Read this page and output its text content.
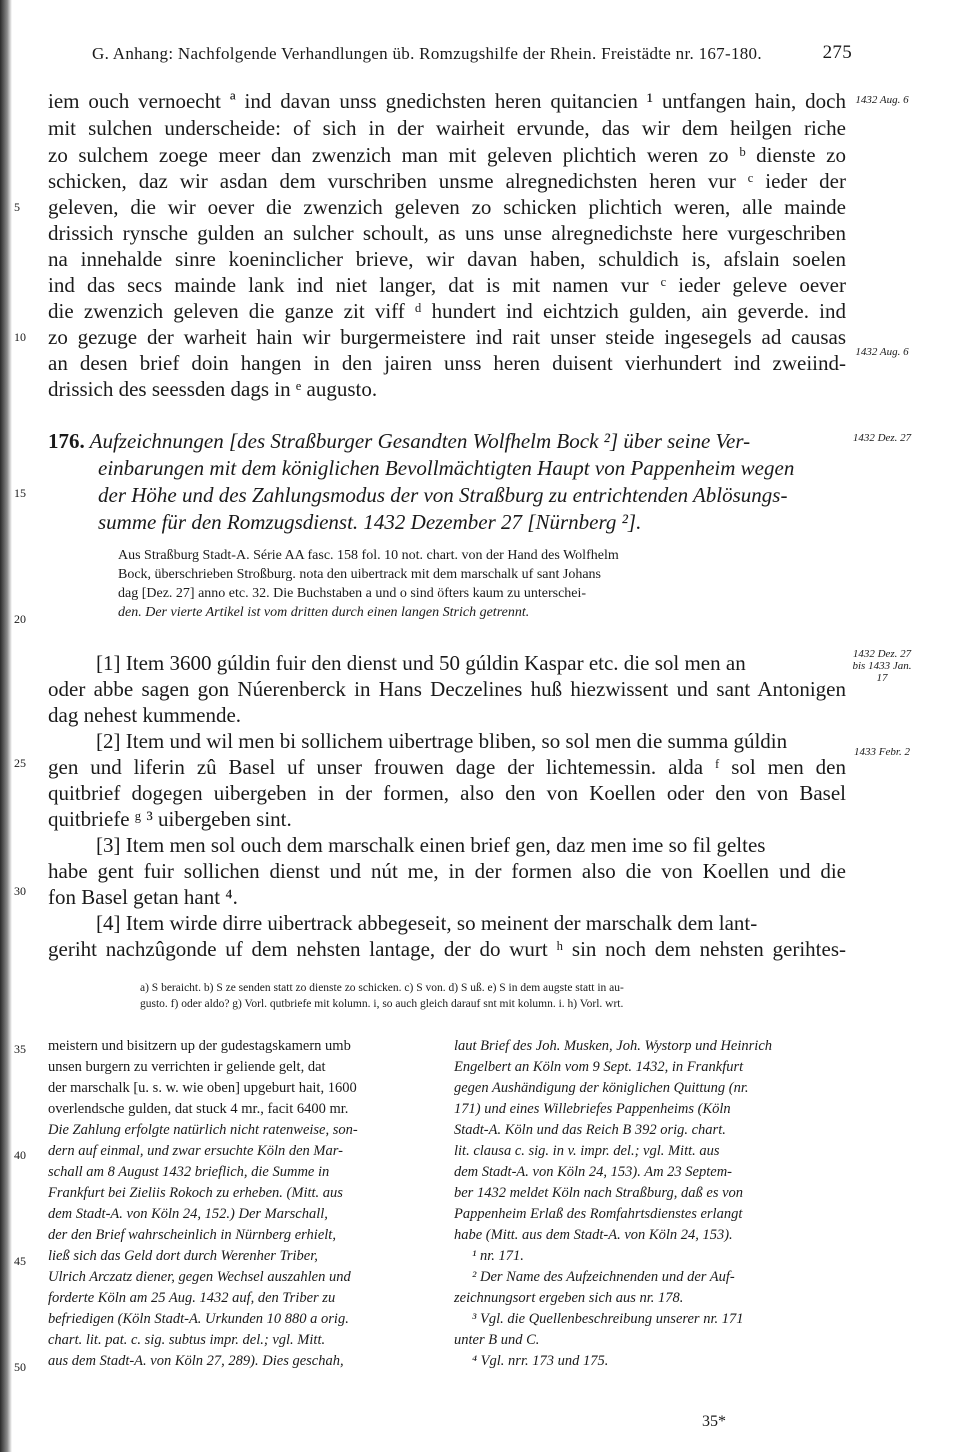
G. Anhang: Nachfolgende Verhandlungen üb. Romzugshilfe der Rhein. Freistädte nr. 167-180.	275
iem ouch vernoecht ª ind davan unss gnedichsten heren quitancien ¹ untfangen hain, doch
mit sulchen underscheide: of sich in der wairheit ervunde, das wir dem heilgen riche
zo sulchem zoege meer dan zwenzich man mit geleven plichtich weren zo ᵇ dienste zo
schicken, daz wir asdan dem vurschriben unsme alregnedichsten heren vur ᶜ ieder der
geleven, die wir oever die zwenzich geleven zo schicken plichtich weren, alle mainde
drissich rynsche gulden an sulcher schoult, as uns unse alregnedichste here vurgeschriben
na innehalde sinre koeninclicher brieve, wir davan haben, schuldich is, afslain soelen
ind das secs mainde lank ind niet langer, dat is mit namen vur ᶜ ieder geleve oever
die zwenzich geleven die ganze zit viff ᵈ hundert ind eichtzich gulden, ain geverde. ind
zo gezuge der warheit hain wir burgermeistere ind rait unser steide ingesegels ad causas
an desen brief doin hangen in den jairen unss heren duisent vierhundert ind zweiind-
drissich des seessden dags in ᵉ augusto.
5
10
15
20
25
30
35
40
45
50
1432 Aug. 6
1432 Aug. 6
1432 Dez. 27
1432 Dez. 27 bis 1433 Jan. 17
1433 Febr. 2
176. Aufzeichnungen [des Straßburger Gesandten Wolfhelm Bock ²] über seine Ver-
einbarungen mit dem königlichen Bevollmächtigten Haupt von Pappenheim wegen
der Höhe und des Zahlungsmodus der von Straßburg zu entrichtenden Ablösungs-
summe für den Romzugsdienst. 1432 Dezember 27 [Nürnberg ²].
Aus Straßburg Stadt-A. Série AA fasc. 158 fol. 10 not. chart. von der Hand des Wolfhelm
Bock, überschrieben Stroßburg. nota den uibertrack mit dem marschalk uf sant Johans
dag [Dez. 27] anno etc. 32. Die Buchstaben a und o sind öfters kaum zu unterschei-
den. Der vierte Artikel ist vom dritten durch einen langen Strich getrennt.
[1] Item 3600 gúldin fuir den dienst und 50 gúldin Kaspar etc. die sol men an
oder abbe sagen gon Núerenberck in Hans Deczelines huß hiezwissent und sant Antonigen
dag nehest kummende.
[2] Item und wil men bi sollichem uibertrage bliben, so sol men die summa gúldin
gen und liferin zû Basel uf unser frouwen dage der lichtemessin. alda ᶠ sol men den
quitbrief dogegen uibergeben in der formen, also den von Koellen oder den von Basel
quitbriefe ᵍ ³ uibergeben sint.
[3] Item men sol ouch dem marschalk einen brief gen, daz men ime so fil geltes
habe gent fuir sollichen dienst und nút me, in der formen also die von Koellen und die
fon Basel getan hant ⁴.
[4] Item wirde dirre uibertrack abbegeseit, so meinent der marschalk dem lant-
geriht nachzûgonde uf dem nehsten lantage, der do wurt ʰ sin noch dem nehsten gerihtes-
a) S beraicht. b) S ze senden statt zo dienste zo schicken. c) S von. d) S uß. e) S in dem augste statt in au-
gusto. f) oder aldo? g) Vorl. qutbriefe mit kolumn. i, so auch gleich darauf snt mit kolumn. i. h) Vorl. wrt.
meistern und bisitzern up der gudestagskamern umb
unsen burgern zu verrichten ir geliende gelt, dat
der marschalk [u. s. w. wie oben] upgeburt hait, 1600
overlendsche gulden, dat stuck 4 mr., facit 6400 mr.
Die Zahlung erfolgte natürlich nicht ratenweise, son-
dern auf einmal, und zwar ersuchte Köln den Mar-
schall am 8 August 1432 brieflich, die Summe in
Frankfurt bei Zieliis Rokoch zu erheben. (Mitt. aus
dem Stadt-A. von Köln 24, 152.) Der Marschall,
der den Brief wahrscheinlich in Nürnberg erhielt,
ließ sich das Geld dort durch Werenher Triber,
Ulrich Arczatz diener, gegen Wechsel auszahlen und
forderte Köln am 25 Aug. 1432 auf, den Triber zu
befriedigen (Köln Stadt-A. Urkunden 10 880 a orig.
chart. lit. pat. c. sig. subtus impr. del.; vgl. Mitt.
aus dem Stadt-A. von Köln 27, 289). Dies geschah,
laut Brief des Joh. Musken, Joh. Wystorp und Heinrich
Engelbert an Köln vom 9 Sept. 1432, in Frankfurt
gegen Aushändigung der königlichen Quittung (nr.
171) und eines Willebriefes Pappenheims (Köln
Stadt-A. Köln und das Reich B 392 orig. chart.
lit. clausa c. sig. in v. impr. del.; vgl. Mitt. aus
dem Stadt-A. von Köln 24, 153). Am 23 Septem-
ber 1432 meldet Köln nach Straßburg, daß es von
Pappenheim Erlaß des Romfahrtsdienstes erlangt
habe (Mitt. aus dem Stadt-A. von Köln 24, 153).
¹ nr. 171.
² Der Name des Aufzeichnenden und der Auf-
zeichnungsort ergeben sich aus nr. 178.
³ Vgl. die Quellenbeschreibung unserer nr. 171
unter B und C.
⁴ Vgl. nrr. 173 und 175.
35*
